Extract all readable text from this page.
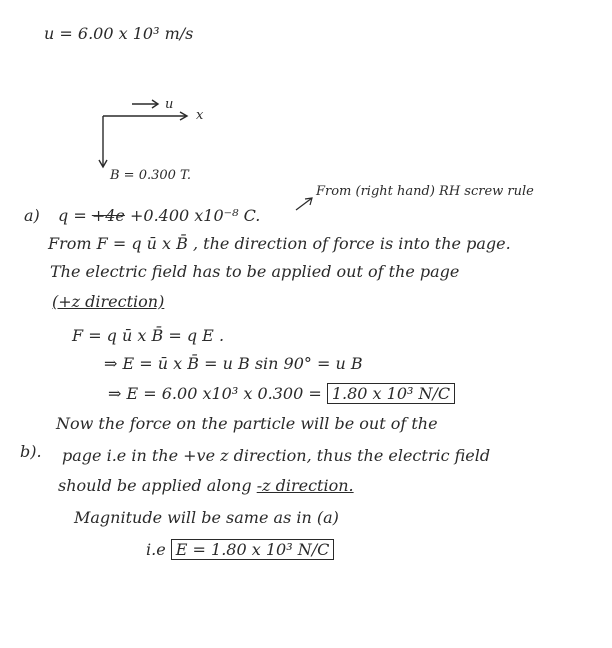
u = 6.00 x 10³ m/s
u
x
B = 0.300 T.
a)
From (right hand) RH screw rule
q = +4e +0.400 x10⁻⁸ C.
From F = q ū x B̄ , the direction of force is into the page.
The electric field has to be applied out of the page
(+z direction)
F = q ū x B̄ = q E .
⇒ E = ū x B̄ = u B sin 90° = u B
⇒ E = 6.00 x10³ x 0.300 = 1.80 x 10³ N/C
b).
Now the force on the particle will be out of the
page i.e in the +ve z direction, thus the electric field
should be applied along -z direction.
Magnitude will be same as in (a)
i.e E = 1.80 x 10³ N/C
